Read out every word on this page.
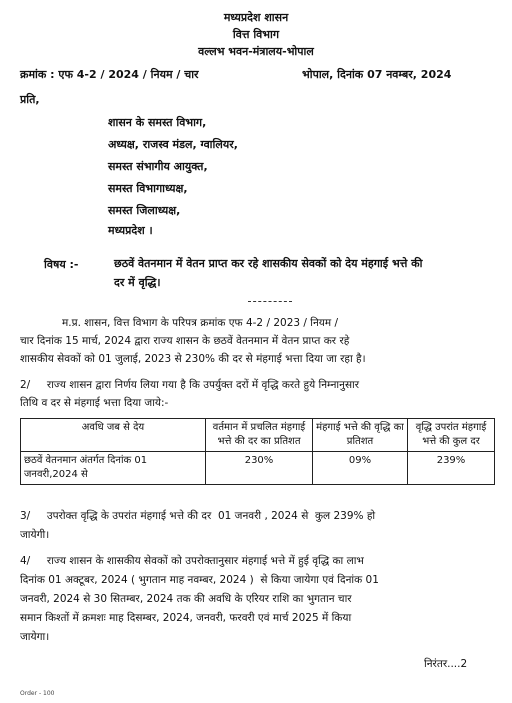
मध्यप्रदेश शासन
वित्त विभाग
वल्लभ भवन-मंत्रालय-भोपाल
क्रमांक : एफ 4-2 / 2024 / नियम / चार	भोपाल, दिनांक 07 नवम्बर, 2024
प्रति,
शासन के समस्त विभाग,
अध्यक्ष, राजस्व मंडल, ग्वालियर,
समस्त संभागीय आयुक्त,
समस्त विभागाध्यक्ष,
समस्त जिलाध्यक्ष,
मध्यप्रदेश ।
विषय :-	छठवें वेतनमान में वेतन प्राप्त कर रहे शासकीय सेवकों को देय मंहगाई भत्ते की
दर में वृद्धि।
म.प्र. शासन, वित्त विभाग के परिपत्र क्रमांक एफ 4-2 / 2023 / नियम /
चार दिनांक 15 मार्च, 2024 द्वारा राज्य शासन के छठवें वेतनमान में वेतन प्राप्त कर रहे
शासकीय सेवकों को 01 जुलाई, 2023 से 230% की दर से मंहगाई भत्ता दिया जा रहा है।
2/     राज्य शासन द्वारा निर्णय लिया गया है कि उपर्युक्त दरों में वृद्धि करते हुये निम्नानुसार
तिथि व दर से मंहगाई भत्ता दिया जाये:-
अवधि जब से देय	वर्तमान में प्रचलित मंहगाई भत्ते की दर का प्रतिशत	मंहगाई भत्ते की वृद्धि का प्रतिशत	वृद्धि उपरांत मंहगाई भत्ते की कुल दर
छठवें वेतनमान अंतर्गत दिनांक 01 जनवरी,2024 से	230%	09%	239%
3/     उपरोक्त वृद्धि के उपरांत मंहगाई भत्ते की दर  01 जनवरी , 2024 से  कुल 239% हो
जायेगी।
4/     राज्य शासन के शासकीय सेवकों को उपरोक्तानुसार मंहगाई भत्ते में हुई वृद्धि का लाभ
दिनांक 01 अक्टूबर, 2024 ( भुगतान माह नवम्बर, 2024 )  से किया जायेगा एवं दिनांक 01
जनवरी, 2024 से 30 सितम्बर, 2024 तक की अवधि के एरियर राशि का भुगतान चार
समान किश्तों में क्रमशः माह दिसम्बर, 2024, जनवरी, फरवरी एवं मार्च 2025 में किया
जायेगा।
निरंतर....2
Order - 100
